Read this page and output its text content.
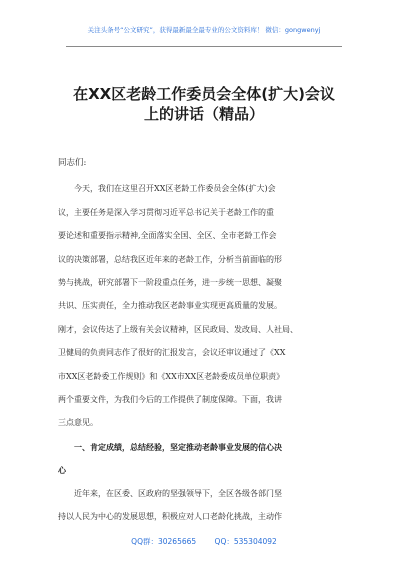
关注头条号“公文研究”，获得最新最全最专业的公文资料库！ 微信：gongwenyj
在XX区老龄工作委员会全体(扩大)会议
上的讲话（精品）
同志们:
今天，我们在这里召开XX区老龄工作委员会全体(扩大)会
议，主要任务是深入学习贯彻习近平总书记关于老龄工作的重
要论述和重要指示精神,全面落实全国、全区、全市老龄工作会
议的决策部署，总结我区近年来的老龄工作，分析当前面临的形
势与挑战，研究部署下一阶段重点任务，进一步统一思想、凝聚
共识、压实责任，全力推动我区老龄事业实现更高质量的发展。
刚才，会议传达了上级有关会议精神，区民政局、发改局、人社局、
卫健局的负责同志作了很好的汇报发言，会议还审议通过了《XX
市XX区老龄委工作规则》和《XX市XX区老龄委成员单位职责》
两个重要文件，为我们今后的工作提供了制度保障。下面，我讲
三点意见。
一、肯定成绩，总结经验，坚定推动老龄事业发展的信心决
心
近年来，在区委、区政府的坚强领导下，全区各级各部门坚
持以人民为中心的发展思想，积极应对人口老龄化挑战，主动作
QQ群：30265665 QQ：535304092
